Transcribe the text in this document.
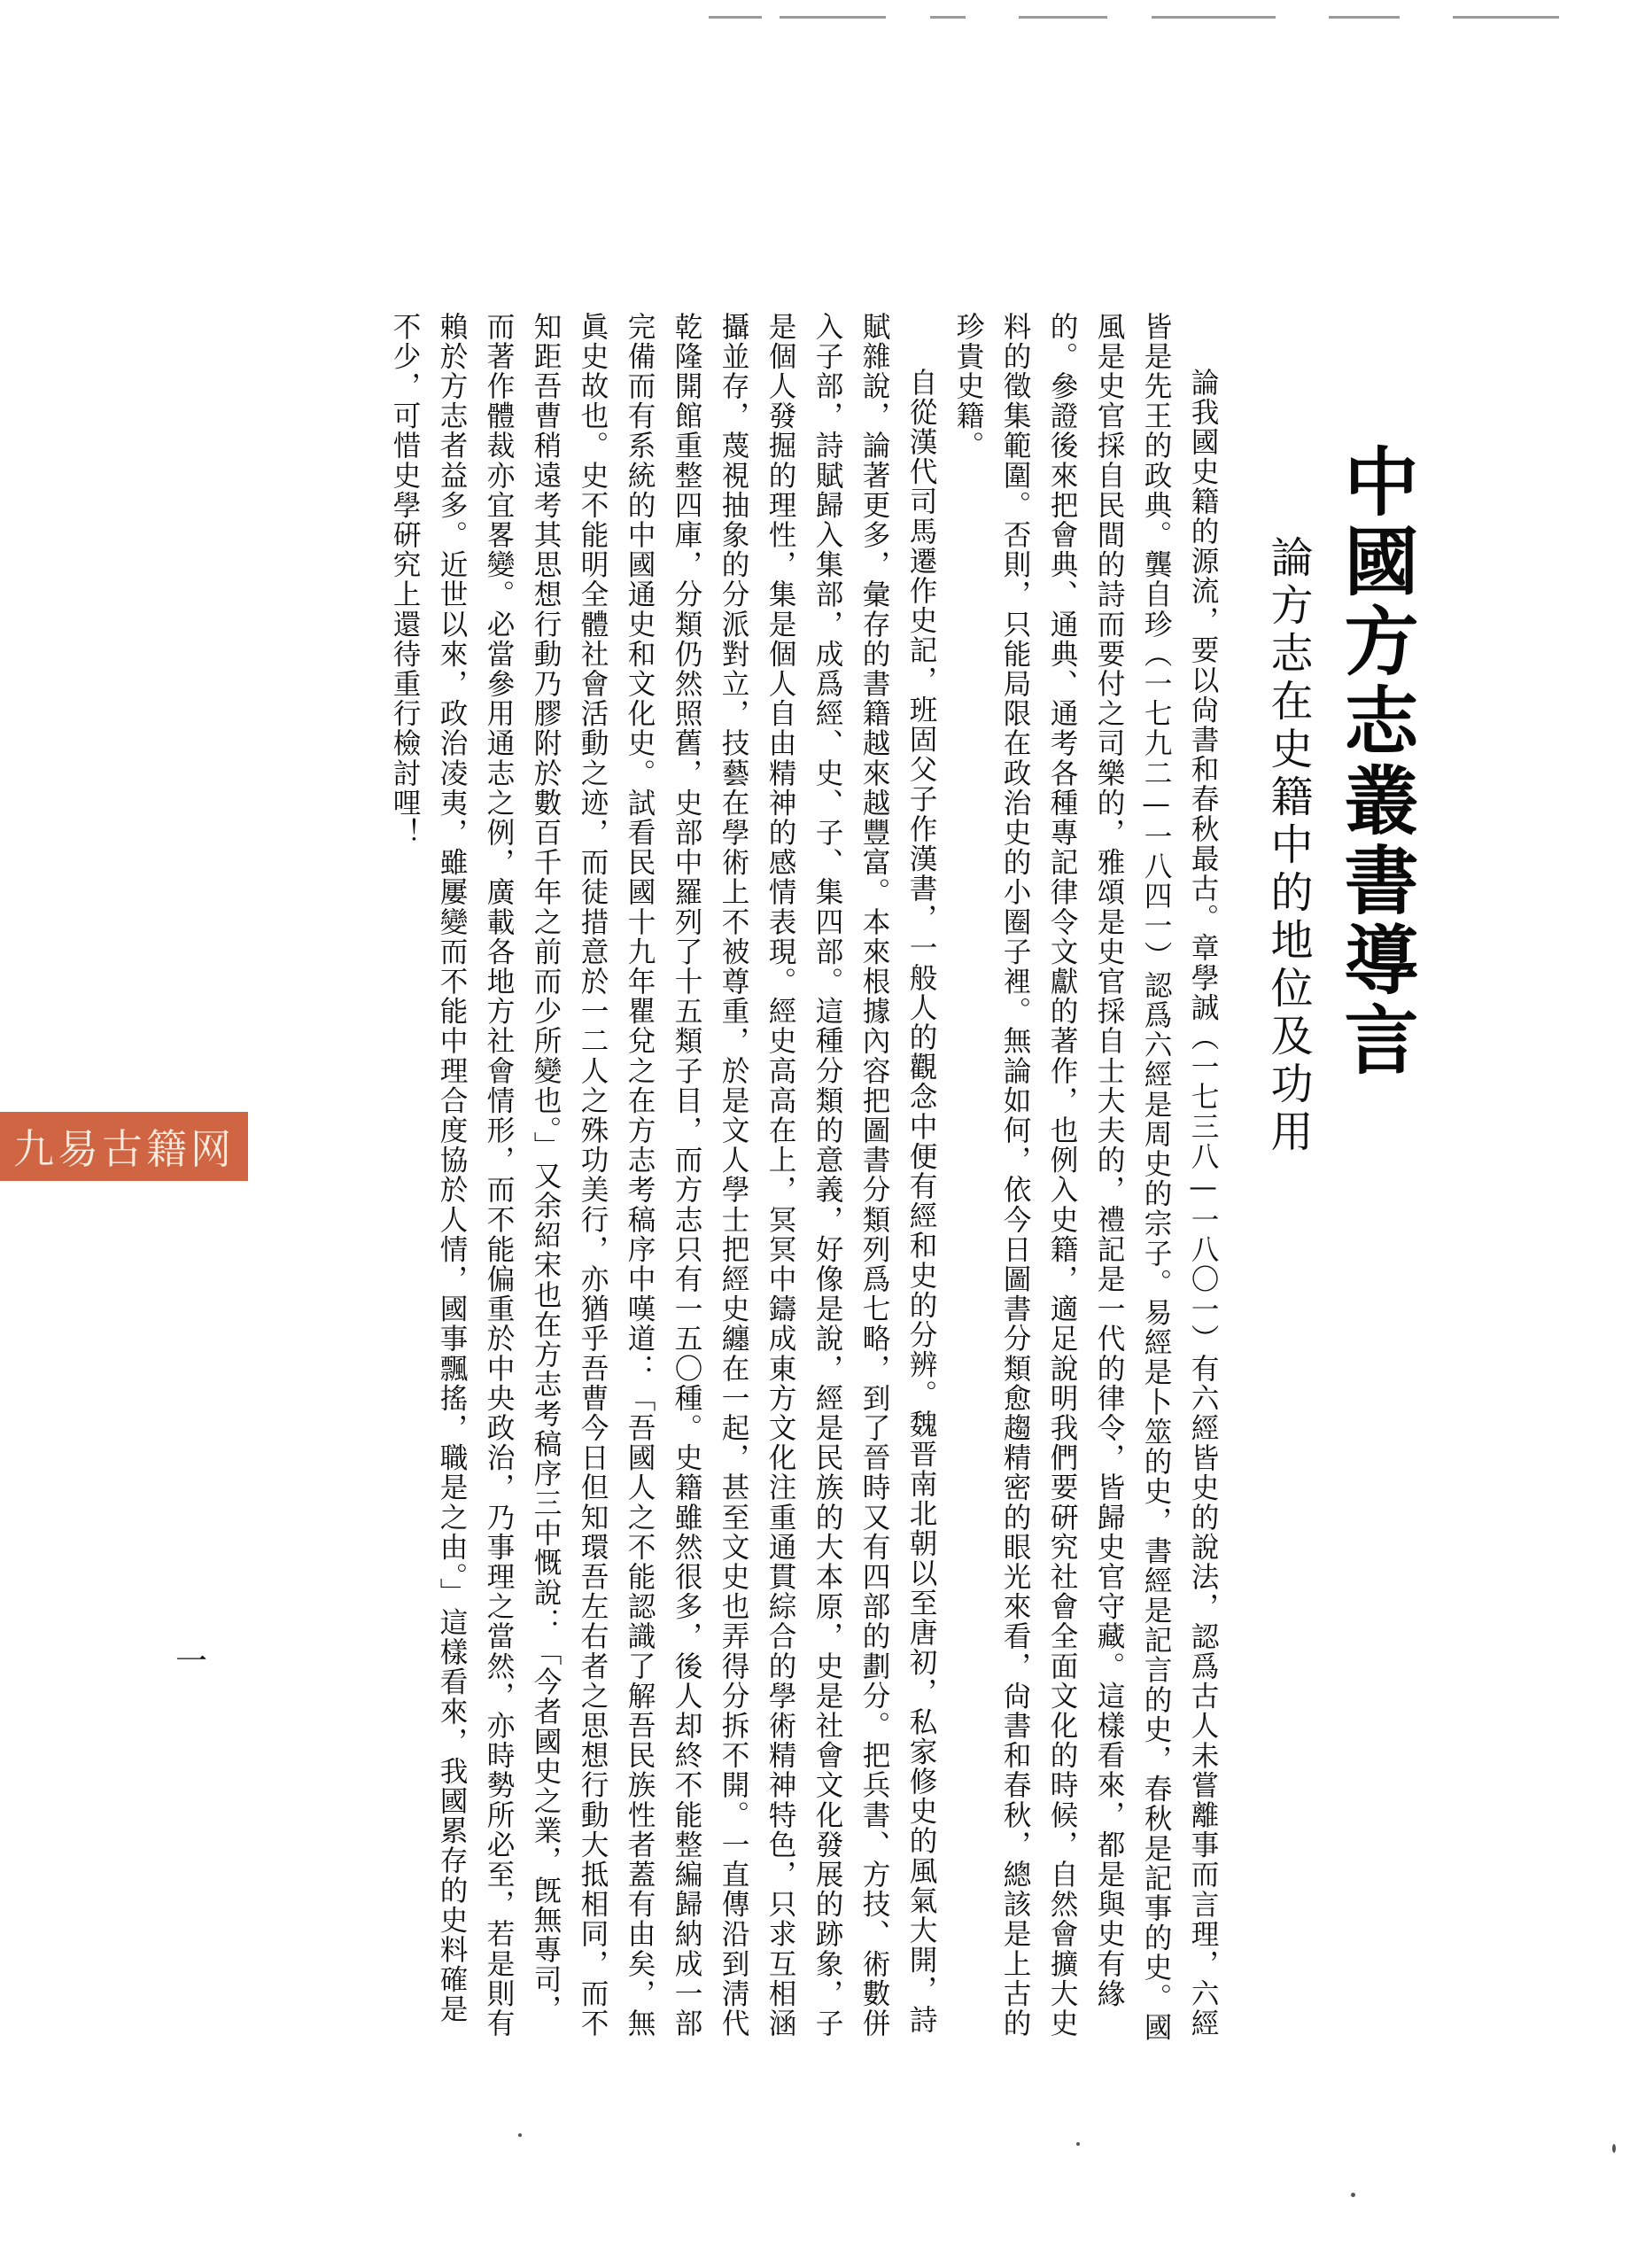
中國方志叢書導言
論方志在史籍中的地位及功用

論我國史籍的源流，要以尙書和春秋最古。章學誠（一七三八—一八〇一）有六經皆史的說法，認爲古人未嘗離事而言理，六經皆是先王的政典。龔自珍（一七九二—一八四一）認爲六經是周史的宗子。易經是卜筮的史，書經是記言的史，春秋是記事的史。國風是史官採自民間的詩而要付之司樂的，雅頌是史官採自士大夫的，禮記是一代的律令，皆歸史官守藏。這樣看來，都是與史有緣的。參證後來把會典、通典、通考各種專記律令文獻的著作，也例入史籍，適足說明我們要硏究社會全面文化的時候，自然會擴大史料的徵集範圍。否則，只能局限在政治史的小圈子裡。無論如何，依今日圖書分類愈趨精密的眼光來看，尙書和春秋，總該是上古的珍貴史籍。

自從漢代司馬遷作史記，班固父子作漢書，一般人的觀念中便有經和史的分辨。魏晋南北朝以至唐初，私家修史的風氣大開，詩賦雜說，論著更多，彙存的書籍越來越豐富。本來根據內容把圖書分類列爲七略，到了晉時又有四部的劃分。把兵書、方技、術數併入子部，詩賦歸入集部，成爲經、史、子、集四部。這種分類的意義，好像是說，經是民族的大本原，史是社會文化發展的跡象，子是個人發掘的理性，集是個人自由精神的感情表現。經史高高在上，冥冥中鑄成東方文化注重通貫綜合的學術精神特色，只求互相涵攝並存，蔑視抽象的分派對立，技藝在學術上不被尊重，於是文人學士把經史纏在一起，甚至文史也弄得分拆不開。一直傳沿到淸代乾隆開館重整四庫，分類仍然照舊，史部中羅列了十五類子目，而方志只有一五〇種。史籍雖然很多，後人却終不能整編歸納成一部完備而有系統的中國通史和文化史。試看民國十九年瞿兌之在方志考稿序中嘆道：「吾國人之不能認識了解吾民族性者蓋有由矣，無眞史故也。史不能明全體社會活動之迹，而徒措意於一二人之殊功美行，亦猶乎吾曹今日但知環吾左右者之思想行動大抵相同，而不知距吾曹稍遠考其思想行動乃膠附於數百千年之前而少所變也。」又余紹宋也在方志考稿序三中慨說：「今者國史之業，旣無專司，而著作體裁亦宜畧變。必當參用通志之例，廣載各地方社會情形，而不能偏重於中央政治，乃事理之當然，亦時勢所必至，若是則有賴於方志者益多。近世以來，政治凌夷，雖屢變而不能中理合度協於人情，國事飄搖，職是之由。」這樣看來，我國累存的史料確是不少，可惜史學硏究上還待重行檢討哩！

一
九易古籍网
